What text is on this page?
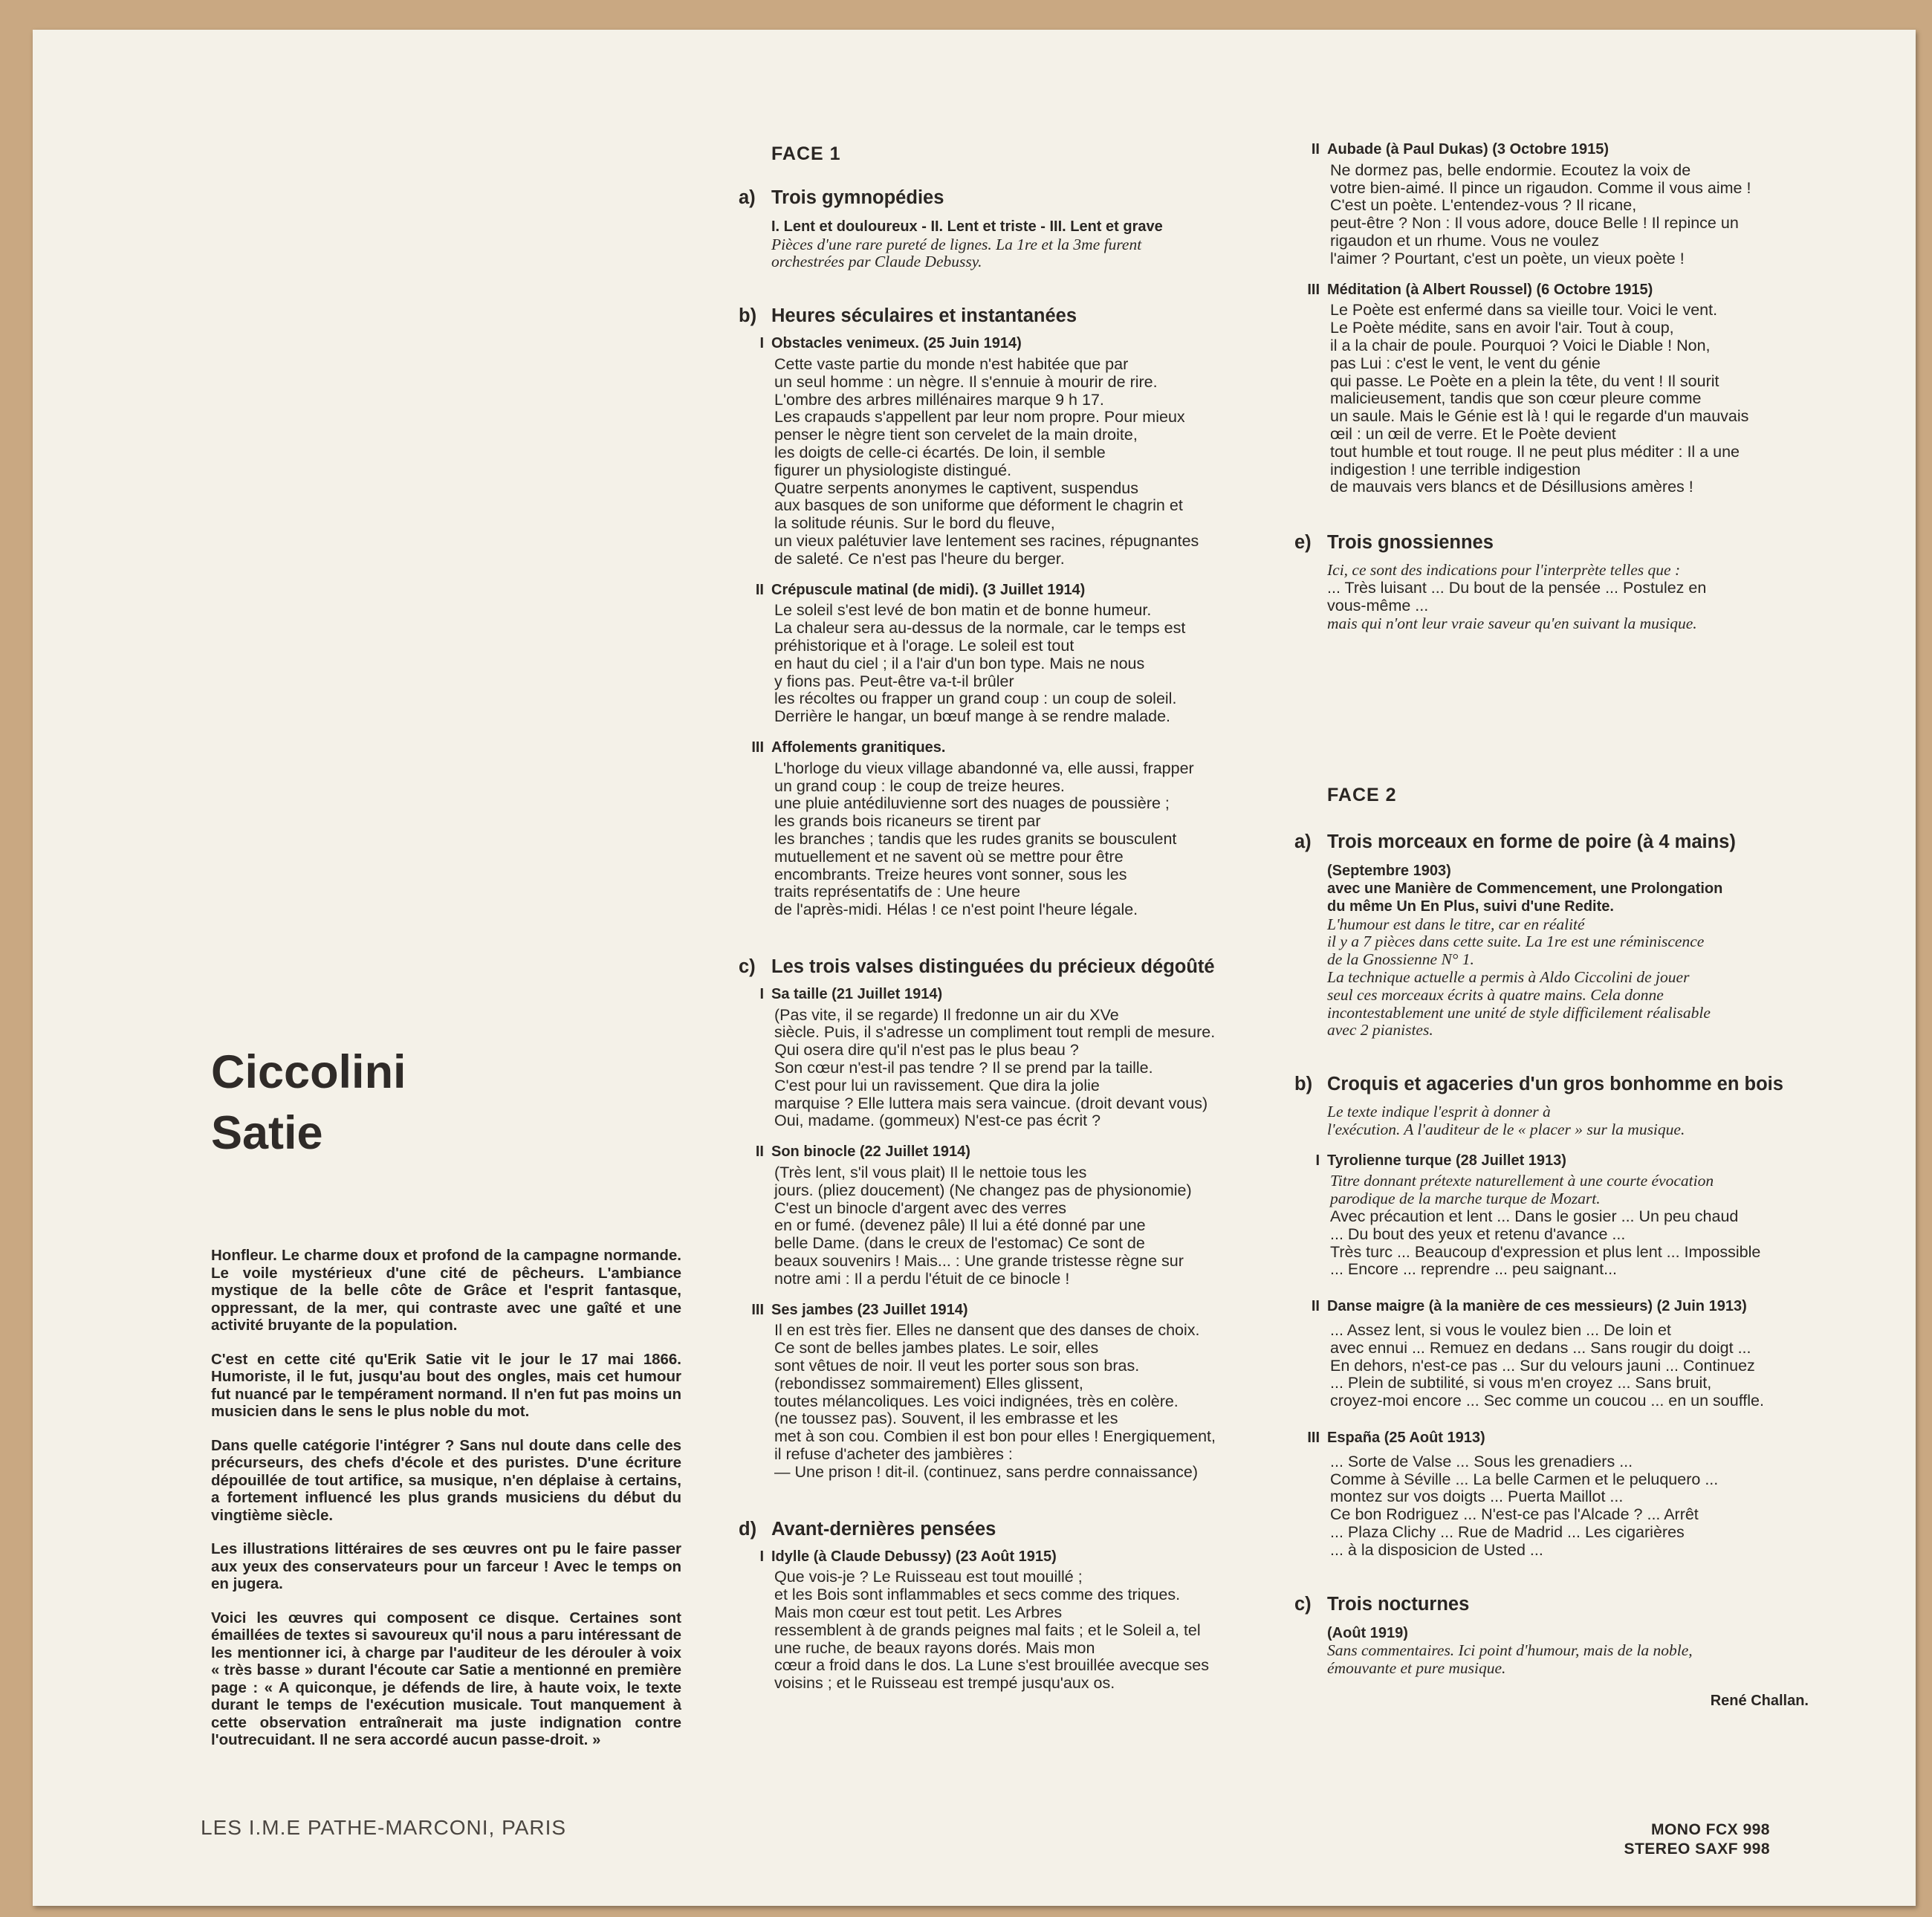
Ciccolini
Satie

Honfleur. Le charme doux et profond de la campagne normande. Le voile mystérieux d'une cité de pêcheurs. L'ambiance mystique de la belle côte de Grâce et l'esprit fantasque, oppressant, de la mer, qui contraste avec une gaîté et une activité bruyante de la population.

C'est en cette cité qu'Erik Satie vit le jour le 17 mai 1866. Humoriste, il le fut, jusqu'au bout des ongles, mais cet humour fut nuancé par le tempérament normand. Il n'en fut pas moins un musicien dans le sens le plus noble du mot.

Dans quelle catégorie l'intégrer ? Sans nul doute dans celle des précurseurs, des chefs d'école et des puristes. D'une écriture dépouillée de tout artifice, sa musique, n'en déplaise à certains, a fortement influencé les plus grands musiciens du début du vingtième siècle.

Les illustrations littéraires de ses œuvres ont pu le faire passer aux yeux des conservateurs pour un farceur ! Avec le temps on en jugera.

Voici les œuvres qui composent ce disque. Certaines sont émaillées de textes si savoureux qu'il nous a paru intéressant de les mentionner ici, à charge par l'auditeur de les dérouler à voix « très basse » durant l'écoute car Satie a mentionné en première page : « A quiconque, je défends de lire, à haute voix, le texte durant le temps de l'exécution musicale. Tout manquement à cette observation entraînerait ma juste indignation contre l'outrecuidant. Il ne sera accordé aucun passe-droit. »

LES I.M.E PATHE-MARCONI, PARIS
FACE 1
a) Trois gymnopédies
I. Lent et douloureux - II. Lent et triste - III. Lent et grave
Pièces d'une rare pureté de lignes. La 1re et la 3me furent
orchestrées par Claude Debussy.
b) Heures séculaires et instantanées
I Obstacles venimeux. (25 Juin 1914)
Cette vaste partie du monde n'est habitée que par
un seul homme : un nègre. Il s'ennuie à mourir de rire.
L'ombre des arbres millénaires marque 9 h 17.
Les crapauds s'appellent par leur nom propre. Pour mieux
penser le nègre tient son cervelet de la main droite,
les doigts de celle-ci écartés. De loin, il semble
figurer un physiologiste distingué.
Quatre serpents anonymes le captivent, suspendus
aux basques de son uniforme que déforment le chagrin et
la solitude réunis. Sur le bord du fleuve,
un vieux palétuvier lave lentement ses racines, répugnantes
de saleté. Ce n'est pas l'heure du berger.
II Crépuscule matinal (de midi). (3 Juillet 1914)
Le soleil s'est levé de bon matin et de bonne humeur.
La chaleur sera au-dessus de la normale, car le temps est
préhistorique et à l'orage. Le soleil est tout
en haut du ciel ; il a l'air d'un bon type. Mais ne nous
y fions pas. Peut-être va-t-il brûler
les récoltes ou frapper un grand coup : un coup de soleil.
Derrière le hangar, un bœuf mange à se rendre malade.
III Affolements granitiques.
L'horloge du vieux village abandonné va, elle aussi, frapper
un grand coup : le coup de treize heures.
une pluie antédiluvienne sort des nuages de poussière ;
les grands bois ricaneurs se tirent par
les branches ; tandis que les rudes granits se bousculent
mutuellement et ne savent où se mettre pour être
encombrants. Treize heures vont sonner, sous les
traits représentatifs de : Une heure
de l'après-midi. Hélas ! ce n'est point l'heure légale.
c) Les trois valses distinguées du précieux dégoûté
I Sa taille (21 Juillet 1914)
(Pas vite, il se regarde) Il fredonne un air du XVe
siècle. Puis, il s'adresse un compliment tout rempli de mesure.
Qui osera dire qu'il n'est pas le plus beau ?
Son cœur n'est-il pas tendre ? Il se prend par la taille.
C'est pour lui un ravissement. Que dira la jolie
marquise ? Elle luttera mais sera vaincue. (droit devant vous)
Oui, madame. (gommeux) N'est-ce pas écrit ?
II Son binocle (22 Juillet 1914)
(Très lent, s'il vous plait) Il le nettoie tous les
jours. (pliez doucement) (Ne changez pas de physionomie)
C'est un binocle d'argent avec des verres
en or fumé. (devenez pâle) Il lui a été donné par une
belle Dame. (dans le creux de l'estomac) Ce sont de
beaux souvenirs ! Mais... : Une grande tristesse règne sur
notre ami : Il a perdu l'étuit de ce binocle !
III Ses jambes (23 Juillet 1914)
Il en est très fier. Elles ne dansent que des danses de choix.
Ce sont de belles jambes plates. Le soir, elles
sont vêtues de noir. Il veut les porter sous son bras.
(rebondissez sommairement) Elles glissent,
toutes mélancoliques. Les voici indignées, très en colère.
(ne toussez pas). Souvent, il les embrasse et les
met à son cou. Combien il est bon pour elles ! Energiquement,
il refuse d'acheter des jambières :
— Une prison ! dit-il. (continuez, sans perdre connaissance)
d) Avant-dernières pensées
I Idylle (à Claude Debussy) (23 Août 1915)
Que vois-je ? Le Ruisseau est tout mouillé ;
et les Bois sont inflammables et secs comme des triques.
Mais mon cœur est tout petit. Les Arbres
ressemblent à de grands peignes mal faits ; et le Soleil a, tel
une ruche, de beaux rayons dorés. Mais mon
cœur a froid dans le dos. La Lune s'est brouillée avecque ses
voisins ; et le Ruisseau est trempé jusqu'aux os.
II Aubade (à Paul Dukas) (3 Octobre 1915)
Ne dormez pas, belle endormie. Ecoutez la voix de
votre bien-aimé. Il pince un rigaudon. Comme il vous aime !
C'est un poète. L'entendez-vous ? Il ricane,
peut-être ? Non : Il vous adore, douce Belle ! Il repince un
rigaudon et un rhume. Vous ne voulez
l'aimer ? Pourtant, c'est un poète, un vieux poète !
III Méditation (à Albert Roussel) (6 Octobre 1915)
Le Poète est enfermé dans sa vieille tour. Voici le vent.
Le Poète médite, sans en avoir l'air. Tout à coup,
il a la chair de poule. Pourquoi ? Voici le Diable ! Non,
pas Lui : c'est le vent, le vent du génie
qui passe. Le Poète en a plein la tête, du vent ! Il sourit
malicieusement, tandis que son cœur pleure comme
un saule. Mais le Génie est là ! qui le regarde d'un mauvais
œil : un œil de verre. Et le Poète devient
tout humble et tout rouge. Il ne peut plus méditer : Il a une
indigestion ! une terrible indigestion
de mauvais vers blancs et de Désillusions amères !
e) Trois gnossiennes
Ici, ce sont des indications pour l'interprète telles que :
... Très luisant ... Du bout de la pensée ... Postulez en
vous-même ...
mais qui n'ont leur vraie saveur qu'en suivant la musique.
FACE 2
a) Trois morceaux en forme de poire (à 4 mains)
(Septembre 1903)
avec une Manière de Commencement, une Prolongation
du même Un En Plus, suivi d'une Redite.
L'humour est dans le titre, car en réalité
il y a 7 pièces dans cette suite. La 1re est une réminiscence
de la Gnossienne N° 1.
La technique actuelle a permis à Aldo Ciccolini de jouer
seul ces morceaux écrits à quatre mains. Cela donne
incontestablement une unité de style difficilement réalisable
avec 2 pianistes.
b) Croquis et agaceries d'un gros bonhomme en bois
Le texte indique l'esprit à donner à
l'exécution. A l'auditeur de le « placer » sur la musique.
I Tyrolienne turque (28 Juillet 1913)
Titre donnant prétexte naturellement à une courte évocation
parodique de la marche turque de Mozart.
Avec précaution et lent ... Dans le gosier ... Un peu chaud
... Du bout des yeux et retenu d'avance ...
Très turc ... Beaucoup d'expression et plus lent ... Impossible
... Encore ... reprendre ... peu saignant...
II Danse maigre (à la manière de ces messieurs) (2 Juin 1913)
... Assez lent, si vous le voulez bien ... De loin et
avec ennui ... Remuez en dedans ... Sans rougir du doigt ...
En dehors, n'est-ce pas ... Sur du velours jauni ... Continuez
... Plein de subtilité, si vous m'en croyez ... Sans bruit,
croyez-moi encore ... Sec comme un coucou ... en un souffle.
III España (25 Août 1913)
... Sorte de Valse ... Sous les grenadiers ...
Comme à Séville ... La belle Carmen et le peluquero ...
montez sur vos doigts ... Puerta Maillot ...
Ce bon Rodriguez ... N'est-ce pas l'Alcade ? ... Arrêt
... Plaza Clichy ... Rue de Madrid ... Les cigarières
... à la disposicion de Usted ...
c) Trois nocturnes
(Août 1919)
Sans commentaires. Ici point d'humour, mais de la noble,
émouvante et pure musique.
René Challan.
MONO FCX 998
STEREO SAXF 998
